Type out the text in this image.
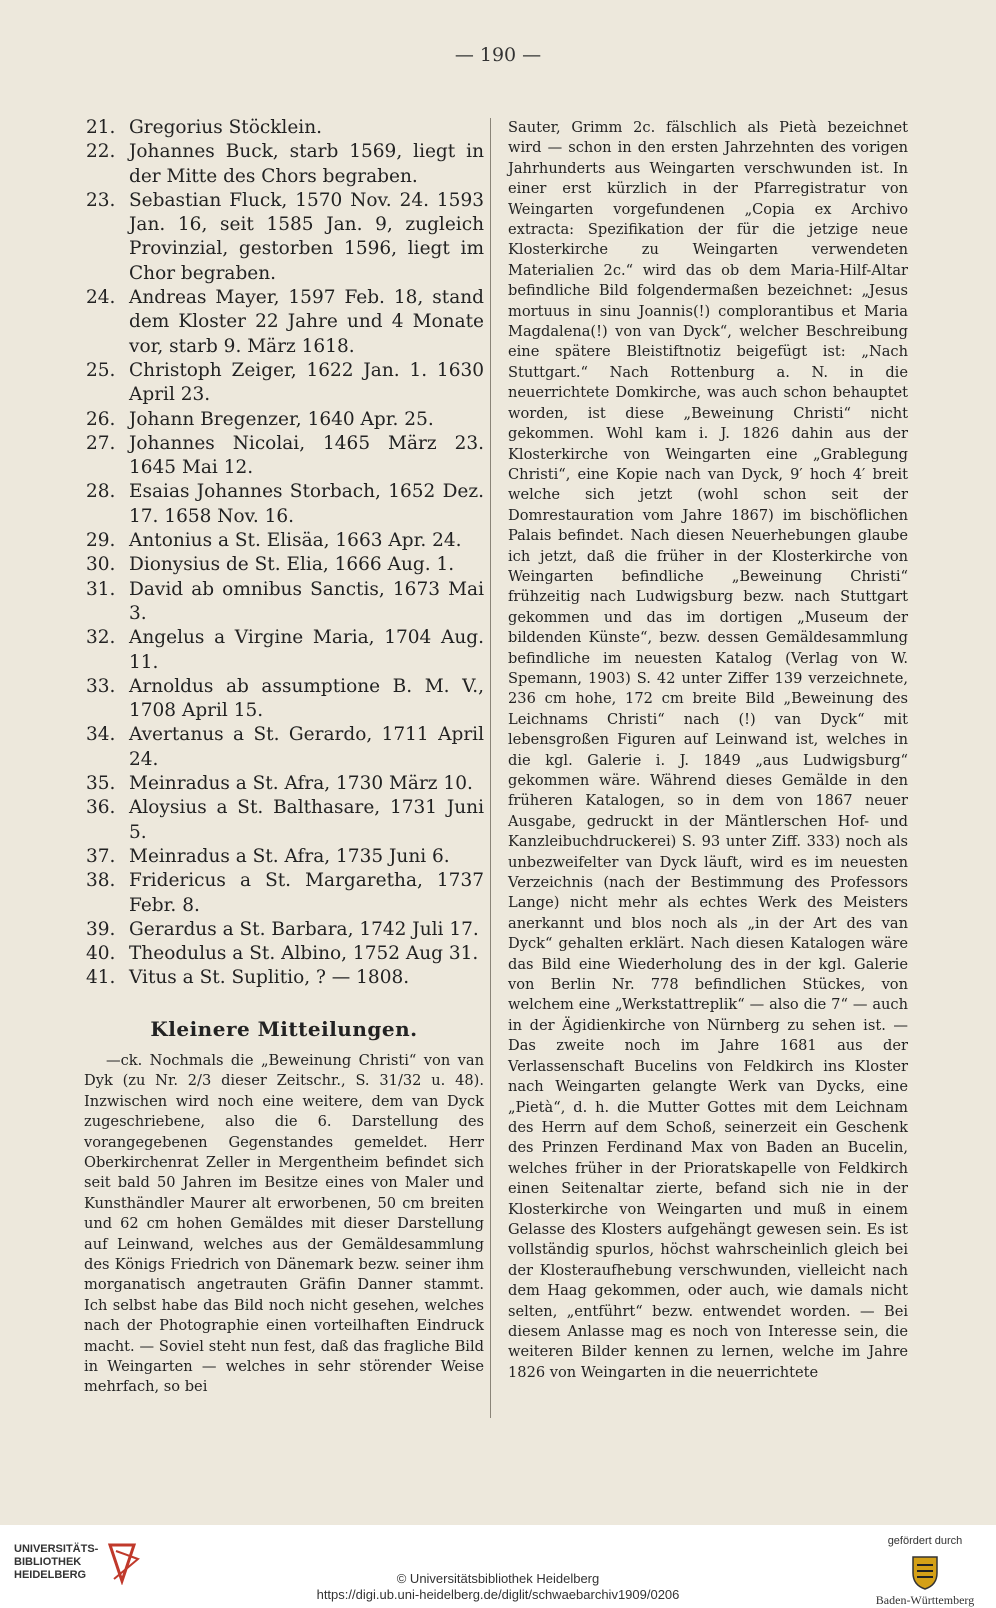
— 190 —
21. Gregorius Stöcklein.
22. Johannes Buck, starb 1569, liegt in der Mitte des Chors begraben.
23. Sebastian Fluck, 1570 Nov. 24. 1593 Jan. 16, seit 1585 Jan. 9, zugleich Provinzial, gestorben 1596, liegt im Chor begraben.
24. Andreas Mayer, 1597 Feb. 18, stand dem Kloster 22 Jahre und 4 Monate vor, starb 9. März 1618.
25. Christoph Zeiger, 1622 Jan. 1. 1630 April 23.
26. Johann Bregenzer, 1640 Apr. 25.
27. Johannes Nicolai, 1465 März 23. 1645 Mai 12.
28. Esaias Johannes Storbach, 1652 Dez. 17. 1658 Nov. 16.
29. Antonius a St. Elisäa, 1663 Apr. 24.
30. Dionysius de St. Elia, 1666 Aug. 1.
31. David ab omnibus Sanctis, 1673 Mai 3.
32. Angelus a Virgine Maria, 1704 Aug. 11.
33. Arnoldus ab assumptione B. M. V., 1708 April 15.
34. Avertanus a St. Gerardo, 1711 April 24.
35. Meinradus a St. Afra, 1730 März 10.
36. Aloysius a St. Balthasare, 1731 Juni 5.
37. Meinradus a St. Afra, 1735 Juni 6.
38. Fridericus a St. Margaretha, 1737 Febr. 8.
39. Gerardus a St. Barbara, 1742 Juli 17.
40. Theodulus a St. Albino, 1752 Aug 31.
41. Vitus a St. Suplitio, ? — 1808.
Kleinere Mitteilungen.

—ck. Nochmals die „Beweinung Christi“ von van Dyk (zu Nr. 2/3 dieser Zeitschr., S. 31/32 u. 48). Inzwischen wird noch eine weitere, dem van Dyck zugeschriebene, also die 6. Darstellung des vorangegebenen Gegenstandes gemeldet. Herr Oberkirchenrat Zeller in Mergentheim befindet sich seit bald 50 Jahren im Besitze eines von Maler und Kunsthändler Maurer alt erworbenen, 50 cm breiten und 62 cm hohen Gemäldes mit dieser Darstellung auf Leinwand, welches aus der Gemäldesammlung des Königs Friedrich von Dänemark bezw. seiner ihm morganatisch angetrauten Gräfin Danner stammt. Ich selbst habe das Bild noch nicht gesehen, welches nach der Photographie einen vorteilhaften Eindruck macht. — Soviel steht nun fest, daß das fragliche Bild in Weingarten — welches in sehr störender Weise mehrfach, so bei

Sauter, Grimm 2c. fälschlich als Pietà bezeichnet wird — schon in den ersten Jahrzehnten des vorigen Jahrhunderts aus Weingarten verschwunden ist. In einer erst kürzlich in der Pfarregistratur von Weingarten vorgefundenen „Copia ex Archivo extracta: Spezifikation der für die jetzige neue Klosterkirche zu Weingarten verwendeten Materialien 2c.“ wird das ob dem Maria-Hilf-Altar befindliche Bild folgendermaßen bezeichnet: „Jesus mortuus in sinu Joannis(!) complorantibus et Maria Magdalena(!) von van Dyck“, welcher Beschreibung eine spätere Bleistiftnotiz beigefügt ist: „Nach Stuttgart.“ Nach Rottenburg a. N. in die neuerrichtete Domkirche, was auch schon behauptet worden, ist diese „Beweinung Christi“ nicht gekommen. Wohl kam i. J. 1826 dahin aus der Klosterkirche von Weingarten eine „Grablegung Christi“, eine Kopie nach van Dyck, 9′ hoch 4′ breit welche sich jetzt (wohl schon seit der Domrestauration vom Jahre 1867) im bischöflichen Palais befindet. Nach diesen Neuerhebungen glaube ich jetzt, daß die früher in der Klosterkirche von Weingarten befindliche „Beweinung Christi“ frühzeitig nach Ludwigsburg bezw. nach Stuttgart gekommen und das im dortigen „Museum der bildenden Künste“, bezw. dessen Gemäldesammlung befindliche im neuesten Katalog (Verlag von W. Spemann, 1903) S. 42 unter Ziffer 139 verzeichnete, 236 cm hohe, 172 cm breite Bild „Beweinung des Leichnams Christi“ nach (!) van Dyck“ mit lebensgroßen Figuren auf Leinwand ist, welches in die kgl. Galerie i. J. 1849 „aus Ludwigsburg“ gekommen wäre. Während dieses Gemälde in den früheren Katalogen, so in dem von 1867 neuer Ausgabe, gedruckt in der Mäntlerschen Hof- und Kanzleibuchdruckerei) S. 93 unter Ziff. 333) noch als unbezweifelter van Dyck läuft, wird es im neuesten Verzeichnis (nach der Bestimmung des Professors Lange) nicht mehr als echtes Werk des Meisters anerkannt und blos noch als „in der Art des van Dyck“ gehalten erklärt. Nach diesen Katalogen wäre das Bild eine Wiederholung des in der kgl. Galerie von Berlin Nr. 778 befindlichen Stückes, von welchem eine „Werkstattreplik“ — also die 7“ — auch in der Ägidienkirche von Nürnberg zu sehen ist. — Das zweite noch im Jahre 1681 aus der Verlassenschaft Bucelins von Feldkirch ins Kloster nach Weingarten gelangte Werk van Dycks, eine „Pietà“, d. h. die Mutter Gottes mit dem Leichnam des Herrn auf dem Schoß, seinerzeit ein Geschenk des Prinzen Ferdinand Max von Baden an Bucelin, welches früher in der Prioratskapelle von Feldkirch einen Seitenaltar zierte, befand sich nie in der Klosterkirche von Weingarten und muß in einem Gelasse des Klosters aufgehängt gewesen sein. Es ist vollständig spurlos, höchst wahrscheinlich gleich bei der Klosteraufhebung verschwunden, vielleicht nach dem Haag gekommen, oder auch, wie damals nicht selten, „entführt“ bezw. entwendet worden. — Bei diesem Anlasse mag es noch von Interesse sein, die weiteren Bilder kennen zu lernen, welche im Jahre 1826 von Weingarten in die neuerrichtete

UNIVERSITÄTS-BIBLIOTHEK HEIDELBERG	© Universitätsbibliothek Heidelberg
https://digi.ub.uni-heidelberg.de/diglit/schwaebarchiv1909/0206
gefördert durch
Baden-Württemberg
